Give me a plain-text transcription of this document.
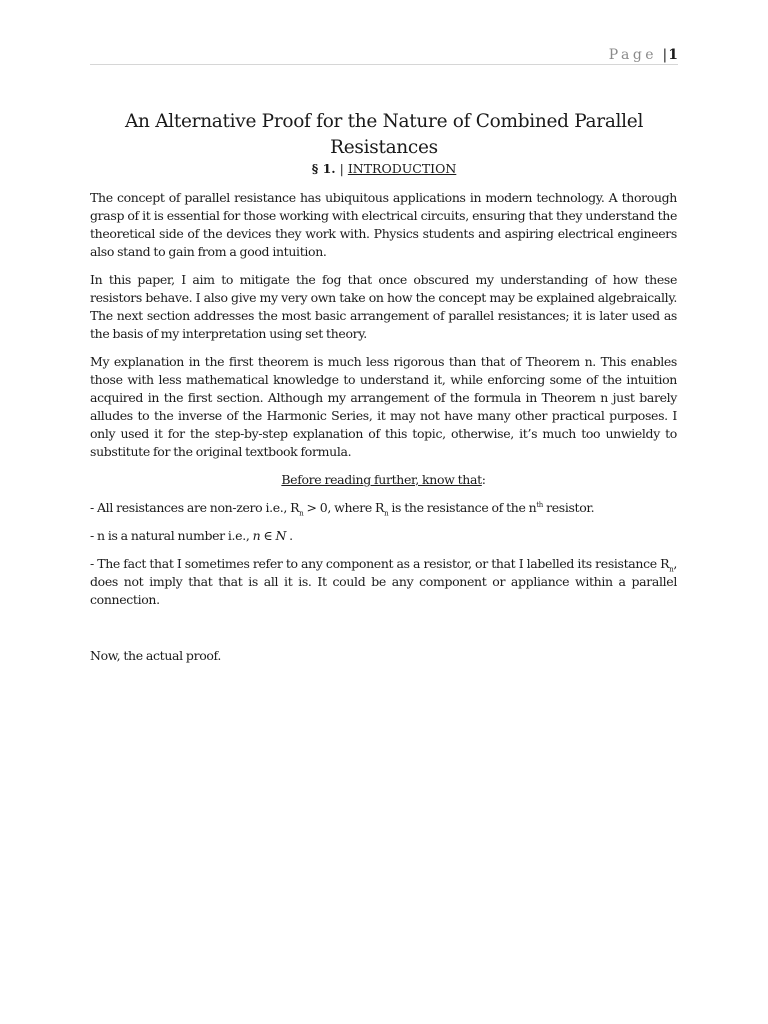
Page |1
An Alternative Proof for the Nature of Combined Parallel
Resistances
§ 1. | INTRODUCTION

The concept of parallel resistance has ubiquitous applications in modern technology. A thorough grasp of it is essential for those working with electrical circuits, ensuring that they understand the theoretical side of the devices they work with. Physics students and aspiring electrical engineers also stand to gain from a good intuition.

In this paper, I aim to mitigate the fog that once obscured my understanding of how these resistors behave. I also give my very own take on how the concept may be explained algebraically. The next section addresses the most basic arrangement of parallel resistances; it is later used as the basis of my interpretation using set theory.

My explanation in the first theorem is much less rigorous than that of Theorem n. This enables those with less mathematical knowledge to understand it, while enforcing some of the intuition acquired in the first section. Although my arrangement of the formula in Theorem n just barely alludes to the inverse of the Harmonic Series, it may not have many other practical purposes. I only used it for the step-by-step explanation of this topic, otherwise, it’s much too unwieldy to substitute for the original textbook formula.

Before reading further, know that:

- All resistances are non-zero i.e., $R_n > 0$, where $R_n$ is the resistance of the $n^{th}$ resistor.

- n is a natural number i.e., n ∈ N .

- The fact that I sometimes refer to any component as a resistor, or that I labelled its resistance $R_n$, does not imply that that is all it is. It could be any component or appliance within a parallel connection.

Now, the actual proof.
